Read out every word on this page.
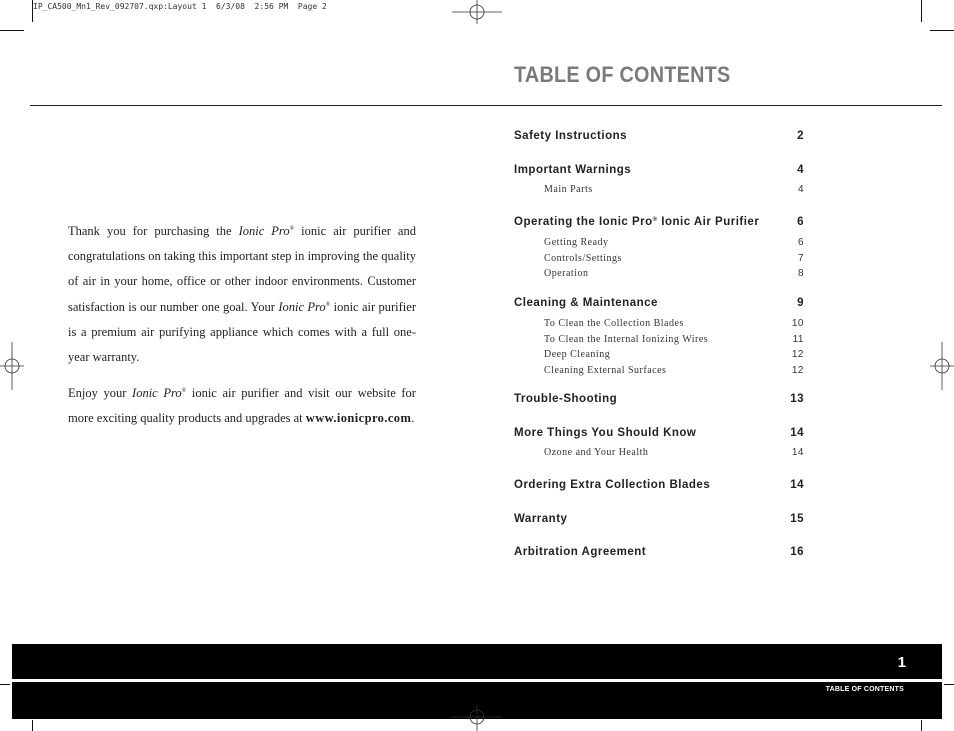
IP_CA500_Mn1_Rev_092707.qxp:Layout 1  6/3/08  2:56 PM  Page 2
TABLE OF CONTENTS

Thank you for purchasing the Ionic Pro® ionic air purifier and congratulations on taking this important step in improving the quality of air in your home, office or other indoor environments. Customer satisfaction is our number one goal. Your Ionic Pro® ionic air purifier is a premium air purifying appliance which comes with a full one-year warranty.

Enjoy your Ionic Pro® ionic air purifier and visit our website for more exciting quality products and upgrades at www.ionicpro.com.

Safety Instructions	2
Important Warnings	4
Main Parts	4
Operating the Ionic Pro® Ionic Air Purifier	6
Getting Ready	6
Controls/Settings	7
Operation	8
Cleaning & Maintenance	9
To Clean the Collection Blades	10
To Clean the Internal Ionizing Wires	11
Deep Cleaning	12
Cleaning External Surfaces	12
Trouble-Shooting	13
More Things You Should Know	14
Ozone and Your Health	14
Ordering Extra Collection Blades	14
Warranty	15
Arbitration Agreement	16
1
TABLE OF CONTENTS
